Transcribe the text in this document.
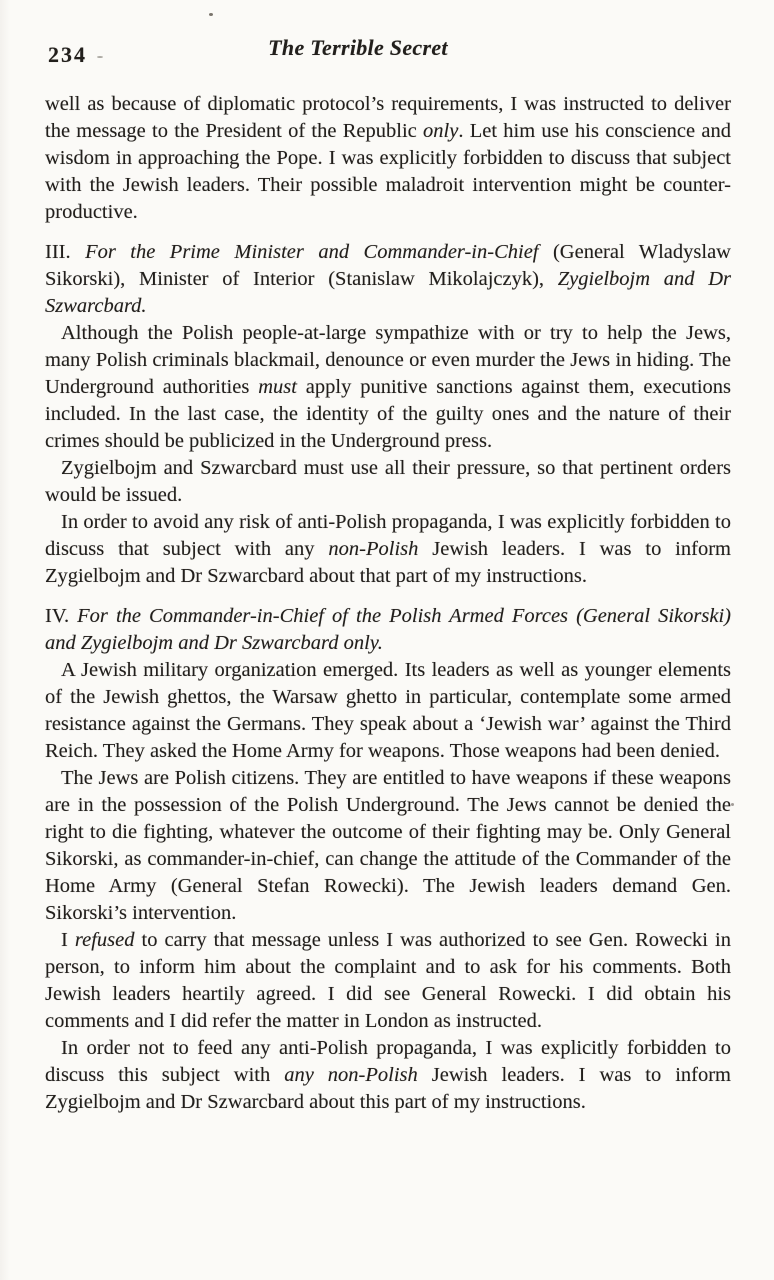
234	The Terrible Secret

well as because of diplomatic protocol’s requirements, I was instructed to deliver the message to the President of the Republic only. Let him use his conscience and wisdom in approaching the Pope. I was explicitly forbidden to discuss that subject with the Jewish leaders. Their possible maladroit intervention might be counter-productive.

III. For the Prime Minister and Commander-in-Chief (General Wladyslaw Sikorski), Minister of Interior (Stanislaw Mikolajczyk), Zygielbojm and Dr Szwarcbard.

Although the Polish people-at-large sympathize with or try to help the Jews, many Polish criminals blackmail, denounce or even murder the Jews in hiding. The Underground authorities must apply punitive sanctions against them, executions included. In the last case, the identity of the guilty ones and the nature of their crimes should be publicized in the Underground press.

Zygielbojm and Szwarcbard must use all their pressure, so that pertinent orders would be issued.

In order to avoid any risk of anti-Polish propaganda, I was explicitly forbidden to discuss that subject with any non-Polish Jewish leaders. I was to inform Zygielbojm and Dr Szwarcbard about that part of my instructions.

IV. For the Commander-in-Chief of the Polish Armed Forces (General Sikorski) and Zygielbojm and Dr Szwarcbard only.

A Jewish military organization emerged. Its leaders as well as younger elements of the Jewish ghettos, the Warsaw ghetto in particular, contemplate some armed resistance against the Germans. They speak about a ‘Jewish war’ against the Third Reich. They asked the Home Army for weapons. Those weapons had been denied.

The Jews are Polish citizens. They are entitled to have weapons if these weapons are in the possession of the Polish Underground. The Jews cannot be denied the right to die fighting, whatever the outcome of their fighting may be. Only General Sikorski, as commander-in-chief, can change the attitude of the Commander of the Home Army (General Stefan Rowecki). The Jewish leaders demand Gen. Sikorski’s intervention.

I refused to carry that message unless I was authorized to see Gen. Rowecki in person, to inform him about the complaint and to ask for his comments. Both Jewish leaders heartily agreed. I did see General Rowecki. I did obtain his comments and I did refer the matter in London as instructed.

In order not to feed any anti-Polish propaganda, I was explicitly forbidden to discuss this subject with any non-Polish Jewish leaders. I was to inform Zygielbojm and Dr Szwarcbard about this part of my instructions.
